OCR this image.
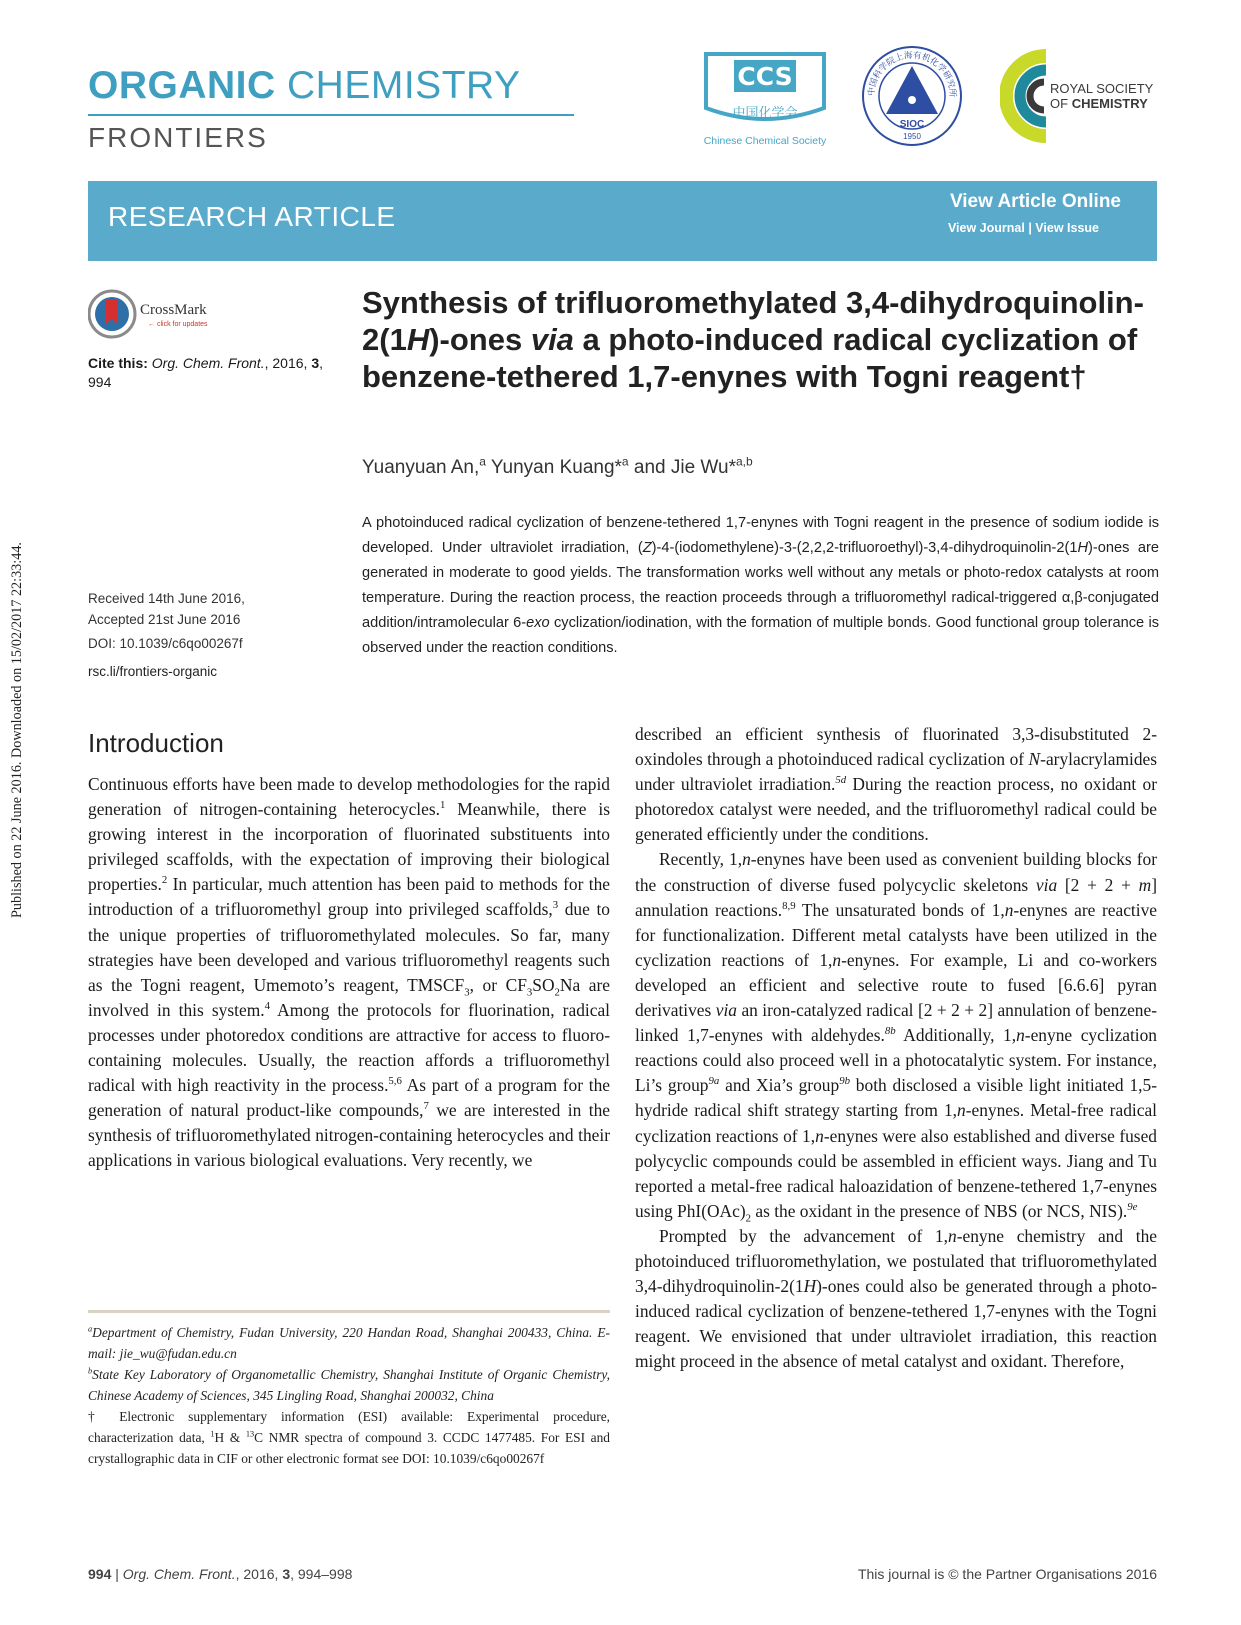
ORGANIC CHEMISTRY
FRONTIERS
CCS
中国化学会
Chinese Chemical Society
中国科学院上海有机化学研究所
SIOC
1950
ROYAL SOCIETY
OF CHEMISTRY
RESEARCH ARTICLE	View Article Online
View Journal | View Issue
CrossMark
← click for updates
Cite this: Org. Chem. Front., 2016, 3,
994
Received 14th June 2016,
Accepted 21st June 2016
DOI: 10.1039/c6qo00267f
rsc.li/frontiers-organic
Published on 22 June 2016. Downloaded on 15/02/2017 22:33:44.
Synthesis of trifluoromethylated 3,4-dihydroquinolin-2(1H)-ones via a photo-induced radical cyclization of benzene-tethered 1,7-enynes with Togni reagent†
Yuanyuan An,$^a$ Yunyan Kuang*$^a$ and Jie Wu*$^{a,b}$
A photoinduced radical cyclization of benzene-tethered 1,7-enynes with Togni reagent in the presence of sodium iodide is developed. Under ultraviolet irradiation, (Z)-4-(iodomethylene)-3-(2,2,2-trifluoroethyl)-3,4-dihydroquinolin-2(1H)-ones are generated in moderate to good yields. The transformation works well without any metals or photo-redox catalysts at room temperature. During the reaction process, the reaction proceeds through a trifluoromethyl radical-triggered α,β-conjugated addition/intramolecular 6-exo cyclization/iodination, with the formation of multiple bonds. Good functional group tolerance is observed under the reaction conditions.
Introduction

Continuous efforts have been made to develop methodologies for the rapid generation of nitrogen-containing heterocycles.$^1$ Meanwhile, there is growing interest in the incorporation of fluorinated substituents into privileged scaffolds, with the expectation of improving their biological properties.$^2$ In particular, much attention has been paid to methods for the introduction of a trifluoromethyl group into privileged scaffolds,$^3$ due to the unique properties of trifluoromethylated molecules. So far, many strategies have been developed and various trifluoromethyl reagents such as the Togni reagent, Umemoto’s reagent, $TMSCF_3$, or $CF_3SO_2Na$ are involved in this system.$^4$ Among the protocols for fluorination, radical processes under photoredox conditions are attractive for access to fluoro-containing molecules. Usually, the reaction affords a trifluoromethyl radical with high reactivity in the process.$^{5,6}$ As part of a program for the generation of natural product-like compounds,$^7$ we are interested in the synthesis of trifluoromethylated nitrogen-containing heterocycles and their applications in various biological evaluations. Very recently, we

described an efficient synthesis of fluorinated 3,3-disubstituted 2-oxindoles through a photoinduced radical cyclization of N-arylacrylamides under ultraviolet irradiation.$^{5d}$ During the reaction process, no oxidant or photoredox catalyst were needed, and the trifluoromethyl radical could be generated efficiently under the conditions.

Recently, 1,n-enynes have been used as convenient building blocks for the construction of diverse fused polycyclic skeletons via [2 + 2 + m] annulation reactions.$^{8,9}$ The unsaturated bonds of 1,n-enynes are reactive for functionalization. Different metal catalysts have been utilized in the cyclization reactions of 1,n-enynes. For example, Li and co-workers developed an efficient and selective route to fused [6.6.6] pyran derivatives via an iron-catalyzed radical [2 + 2 + 2] annulation of benzene-linked 1,7-enynes with aldehydes.$^{8b}$ Additionally, 1,n-enyne cyclization reactions could also proceed well in a photocatalytic system. For instance, Li’s group$^{9a}$ and Xia’s group$^{9b}$ both disclosed a visible light initiated 1,5-hydride radical shift strategy starting from 1,n-enynes. Metal-free radical cyclization reactions of 1,n-enynes were also established and diverse fused polycyclic compounds could be assembled in efficient ways. Jiang and Tu reported a metal-free radical haloazidation of benzene-tethered 1,7-enynes using $PhI(OAc)_2$ as the oxidant in the presence of NBS (or NCS, NIS).$^{9e}$

Prompted by the advancement of 1,n-enyne chemistry and the photoinduced trifluoromethylation, we postulated that trifluoromethylated 3,4-dihydroquinolin-2(1H)-ones could also be generated through a photo-induced radical cyclization of benzene-tethered 1,7-enynes with the Togni reagent. We envisioned that under ultraviolet irradiation, this reaction might proceed in the absence of metal catalyst and oxidant. Therefore,

$^a$Department of Chemistry, Fudan University, 220 Handan Road, Shanghai 200433, China. E-mail: jie_wu@fudan.edu.cn

$^b$State Key Laboratory of Organometallic Chemistry, Shanghai Institute of Organic Chemistry, Chinese Academy of Sciences, 345 Lingling Road, Shanghai 200032, China

† Electronic supplementary information (ESI) available: Experimental procedure, characterization data, $^1$H & $^{13}$C NMR spectra of compound 3. CCDC 1477485. For ESI and crystallographic data in CIF or other electronic format see DOI: 10.1039/c6qo00267f

994 | Org. Chem. Front., 2016, 3, 994–998	This journal is © the Partner Organisations 2016
